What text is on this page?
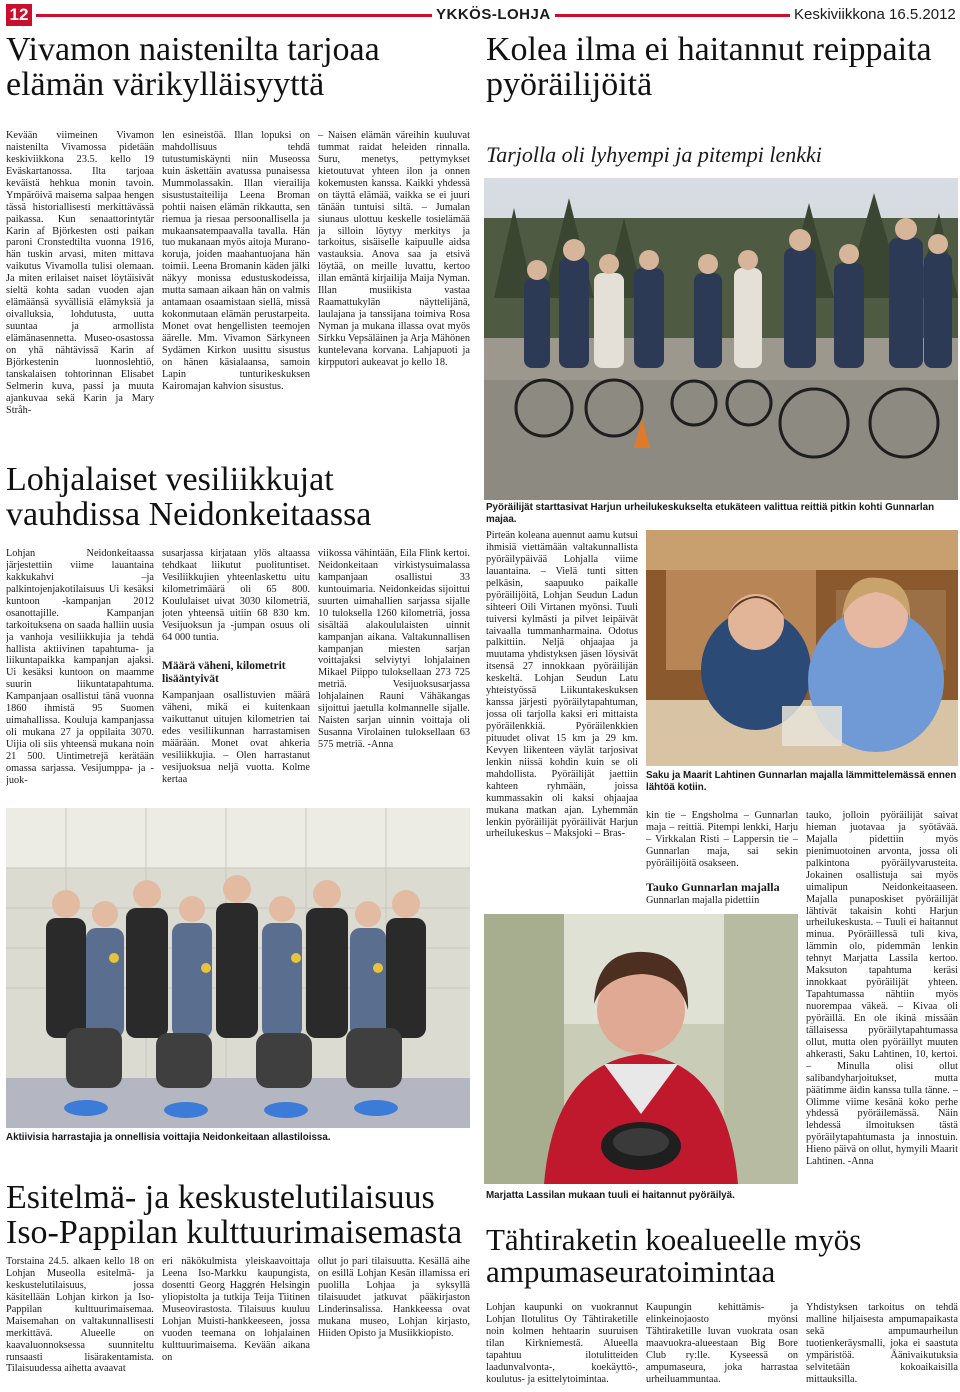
12	YKKÖS-LOHJA	Keskiviikkona 16.5.2012
Vivamon naistenilta tarjoaa elämän värikylläisyyttä
Kevään viimeinen Vivamon naistenilta Vivamossa pidetään keskiviikkona 23.5. kello 19 Eväskartanossa. Ilta tarjoaa keväistä hehkua monin tavoin. Ympäröivä maisema salpaa hengen tässä historiallisesti merkittävässä paikassa. Kun senaattorintytär Karin af Björkesten osti paikan paroni Cronstedtilta vuonna 1916, hän tuskin arvasi, miten mittava vaikutus Vivamolla tulisi olemaan. Ja miten erilaiset naiset löytäisivät sieltä kohta sadan vuoden ajan elämäänsä syvällisiä elämyksiä ja oivalluksia, lohdutusta, uutta suuntaa ja armollista elämänasennetta. Museo-osastossa on yhä nähtävissä Karin af Björkestenin luonnoslehtiö, tanskalaisen tohtorinnan Elisabet Selmerin kuva, passi ja muuta ajankuvaa sekä Karin ja Mary Stråh-
len esineistöä. Illan lopuksi on mahdollisuus tehdä tutustumiskäynti niin Museossa kuin äskettäin avatussa punaisessa Mummolassakin. Illan vierailija sisustustaiteilija Leena Broman pohtii naisen elämän rikkautta, sen riemua ja riesaa persoonallisella ja mukaansatempaavalla tavalla. Hän tuo mukanaan myös aitoja Murano-koruja, joiden maahantuojana hän toimii. Leena Bromanin käden jälki näkyy monissa edustuskodeissa, mutta samaan aikaan hän on valmis antamaan osaamistaan siellä, missä kokonmutaan elämän perustarpeita. Monet ovat hengellisten teemojen äärelle. Mm. Vivamon Särkyneen Sydämen Kirkon uusittu sisustus on hänen käsialaansa, samoin Lapin tunturikeskuksen Kairomajan kahvion sisustus.
– Naisen elämän väreihin kuuluvat tummat raidat heleiden rinnalla. Suru, menetys, pettymykset kietoutuvat yhteen ilon ja onnen kokemusten kanssa. Kaikki yhdessä on täyttä elämää, vaikka se ei juuri tänään tuntuisi siltä. – Jumalan siunaus ulottuu keskelle tosielämää ja silloin löytyy merkitys ja tarkoitus, sisäiselle kaipuulle aidsa vastauksia. Anova saa ja etsivä löytää, on meille luvattu, kertoo illan emäntä kirjailija Maija Nyman. Illan musiikista vastaa Raamattukylän näyttelijänä, laulajana ja tanssijana toimiva Rosa Nyman ja mukana illassa ovat myös Sirkku Vepsäläinen ja Arja Mähönen kuntelevana korvana. Lahjapuoti ja kirpputori aukeavat jo kello 18.
Kolea ilma ei haitannut reippaita pyöräilijöitä
Tarjolla oli lyhyempi ja pitempi lenkki
Pyöräilijät starttasivat Harjun urheilukeskukselta etukäteen valittua reittiä pitkin kohti Gunnarlan majaa.
Pirteän koleana auennut aamu kutsui ihmisiä viettämään valtakunnallista pyöräilypäivää Lohjalla viime lauantaina. – Vielä tunti sitten pelkäsin, saapuuko paikalle pyöräilijöitä, Lohjan Seudun Ladun sihteeri Oili Virtanen myönsi. Tuuli tuiversi kylmästi ja pilvet leipäivät taivaalla tummanharmaina. Odotus palkittiin. Neljä ohjaajaa ja muutama yhdistyksen jäsen löysivät itsensä 27 innokkaan pyöräilijän keskeltä. Lohjan Seudun Latu yhteistyössä Liikuntakeskuksen kanssa järjesti pyöräilytapahtuman, jossa oli tarjolla kaksi eri mittaista pyöräilenkkiä. Pyöräilenkkien pituudet olivat 15 km ja 29 km. Kevyen liikenteen väylät tarjosivat lenkin niissä kohdin kuin se oli mahdollista. Pyöräilijät jaettiin kahteen ryhmään, joissa kummassakin oli kaksi ohjaajaa mukana matkan ajan. Lyhemmän lenkin pyöräilijät pyöräilivät Harjun urheilukeskus – Maksjoki – Bras-
Saku ja Maarit Lahtinen Gunnarlan majalla lämmittelemässä ennen lähtöä kotiin.
kin tie – Engsholma – Gunnarlan maja – reittiä. Pitempi lenkki, Harju – Virkkalan Risti – Lappersin tie – Gunnarlan maja, sai sekin pyöräilijöitä osakseen.
Tauko Gunnarlan majalla
Gunnarlan majalla pidettiin
tauko, jolloin pyöräilijät saivat hieman juotavaa ja syötävää. Majalla pidettiin myös pienimuotoinen arvonta, jossa oli palkintona pyöräilyvarusteita. Jokainen osallistuja sai myös uimalipun Neidonkeitaaseen. Majalla punaposkiset pyöräilijät lähtivät takaisin kohti Harjun urheilukeskusta. – Tuuli ei haitannut minua. Pyöräillessä tuli kiva, lämmin olo, pidemmän lenkin tehnyt Marjatta Lassila kertoo. Maksuton tapahtuma keräsi innokkaat pyöräilijät yhteen. Tapahtumassa nähtiin myös nuorempaa väkeä. – Kivaa oli pyöräillä. En ole ikinä missään tällaisessa pyöräilytapahtumassa ollut, mutta olen pyöräillyt muuten ahkerasti, Saku Lahtinen, 10, kertoi. – Minulla olisi ollut salibandyharjoitukset, mutta päätimme äidin kanssa tulla tänne. – Olimme viime kesänä koko perhe yhdessä pyöräilemässä. Näin lehdessä ilmoituksen tästä pyöräilytapahtumasta ja innostuin. Hieno päivä on ollut, hymyili Maarit Lahtinen. -Anna
Marjatta Lassilan mukaan tuuli ei haitannut pyöräilyä.
Lohjalaiset vesiliikkujat vauhdissa Neidonkeitaassa
Lohjan Neidonkeitaassa järjestettiin viime lauantaina kakkukahvi –ja palkintojenjakotilaisuus Ui kesäksi kuntoon -kampanjan 2012 osanottajille. Kampanjan tarkoituksena on saada halliin uusia ja vanhoja vesiliikkujia ja tehdä hallista aktiivinen tapahtuma- ja liikuntapaikka kampanjan ajaksi. Ui kesäksi kuntoon on maamme suurin liikuntatapahtuma. Kampanjaan osallistui tänä vuonna 1860 ihmistä 95 Suomen uimahallissa. Kouluja kampanjassa oli mukana 27 ja oppilaita 3070. Uijia oli siis yhteensä mukana noin 21 500. Uintimetrejä kerätään omassa sarjassa. Vesijumppa- ja -juok-
susarjassa kirjataan ylös altaassa tehdkaat liikutut puolituntiset. Vesiliikkujien yhteenlaskettu uitu kilometrimäärä oli 65 800. Koululaiset uivat 3030 kilometriä, joten yhteensä uitiin 68 830 km. Vesijuoksun ja -jumpan osuus oli 64 000 tuntia.
Määrä väheni, kilometrit lisääntyivät
Kampanjaan osallistuvien määrä väheni, mikä ei kuitenkaan vaikuttanut uitujen kilometrien tai edes vesiliikunnan harrastamisen määrään. Monet ovat ahkeria vesiliikkujia. – Olen harrastanut vesijuoksua neljä vuotta. Kolme kertaa
viikossa vähintään, Eila Flink kertoi. Neidonkeitaan virkistysuimalassa kampanjaan osallistui 33 kuntouimaria. Neidonkeidas sijoittui suurten uimahallien sarjassa sijalle 10 tuloksella 1260 kilometriä, jossa sisältää alakoululaisten uinnit kampanjan aikana. Valtakunnallisen kampanjan miesten sarjan voittajaksi selviytyi lohjalainen Mikael Piippo tuloksellaan 273 725 metriä. Vesijuoksusarjassa lohjalainen Rauni Vähäkangas sijoittui jaetulla kolmannelle sijalle. Naisten sarjan uinnin voittaja oli Susanna Virolainen tuloksellaan 63 575 metriä. -Anna
Aktiivisia harrastajia ja onnellisia voittajia Neidonkeitaan allastiloissa.
Esitelmä- ja keskustelutilaisuus Iso-Pappilan kulttuurimaisemasta
Torstaina 24.5. alkaen kello 18 on Lohjan Museolla esitelmä- ja keskustelutilaisuus, jossa käsitellään Lohjan kirkon ja Iso-Pappilan kulttuurimaisemaa. Maisemahan on valtakunnallisesti merkittävä. Alueelle on kaavaluonnoksessa suunniteltu runsaasti lisärakentamista. Tilaisuudessa aihetta avaavat
eri näkökulmista yleiskaavoittaja Leena Iso-Markku kaupungista, dosentti Georg Haggrén Helsingin yliopistolta ja tutkija Teija Tiitinen Museovirastosta. Tilaisuus kuuluu Lohjan Muisti-hankkeeseen, jossa vuoden teemana on lohjalainen kulttuurimaisema. Kevään aikana on
ollut jo pari tilaisuutta. Kesällä aihe on esillä Lohjan Kesän illamissa eri puolilla Lohjaa ja syksyllä tilaisuudet jatkuvat pääkirjaston Linderinsalissa. Hankkeessa ovat mukana museo, Lohjan kirjasto, Hiiden Opisto ja Musiikkiopisto.
Tähtiraketin koealueelle myös ampumaseuratoimintaa
Lohjan kaupunki on vuokrannut Lohjan Ilotulitus Oy Tähtiraketille noin kolmen hehtaarin suuruisen tilan Kirkniemestä. Alueella tapahtuu ilotulitteiden laadunvalvonta-, koekäyttö-, koulutus- ja esittelytoimintaa.
Kaupungin kehittämis- ja elinkeinojaosto myönsi Tähtiraketille luvan vuokrata osan maavuokra-alueestaan Big Bore Club ry:lle. Kyseessä on ampumaseura, joka harrastaa urheiluammuntaa.
Yhdistyksen tarkoitus on tehdä malline hiljaisesta ampumapaikasta sekä ampumaurheilun tuotienkeräysmalli, joka ei saastuta ympäristöä. Äänivaikutuksia selvitetään kokoaikaisilla mittauksilla.
